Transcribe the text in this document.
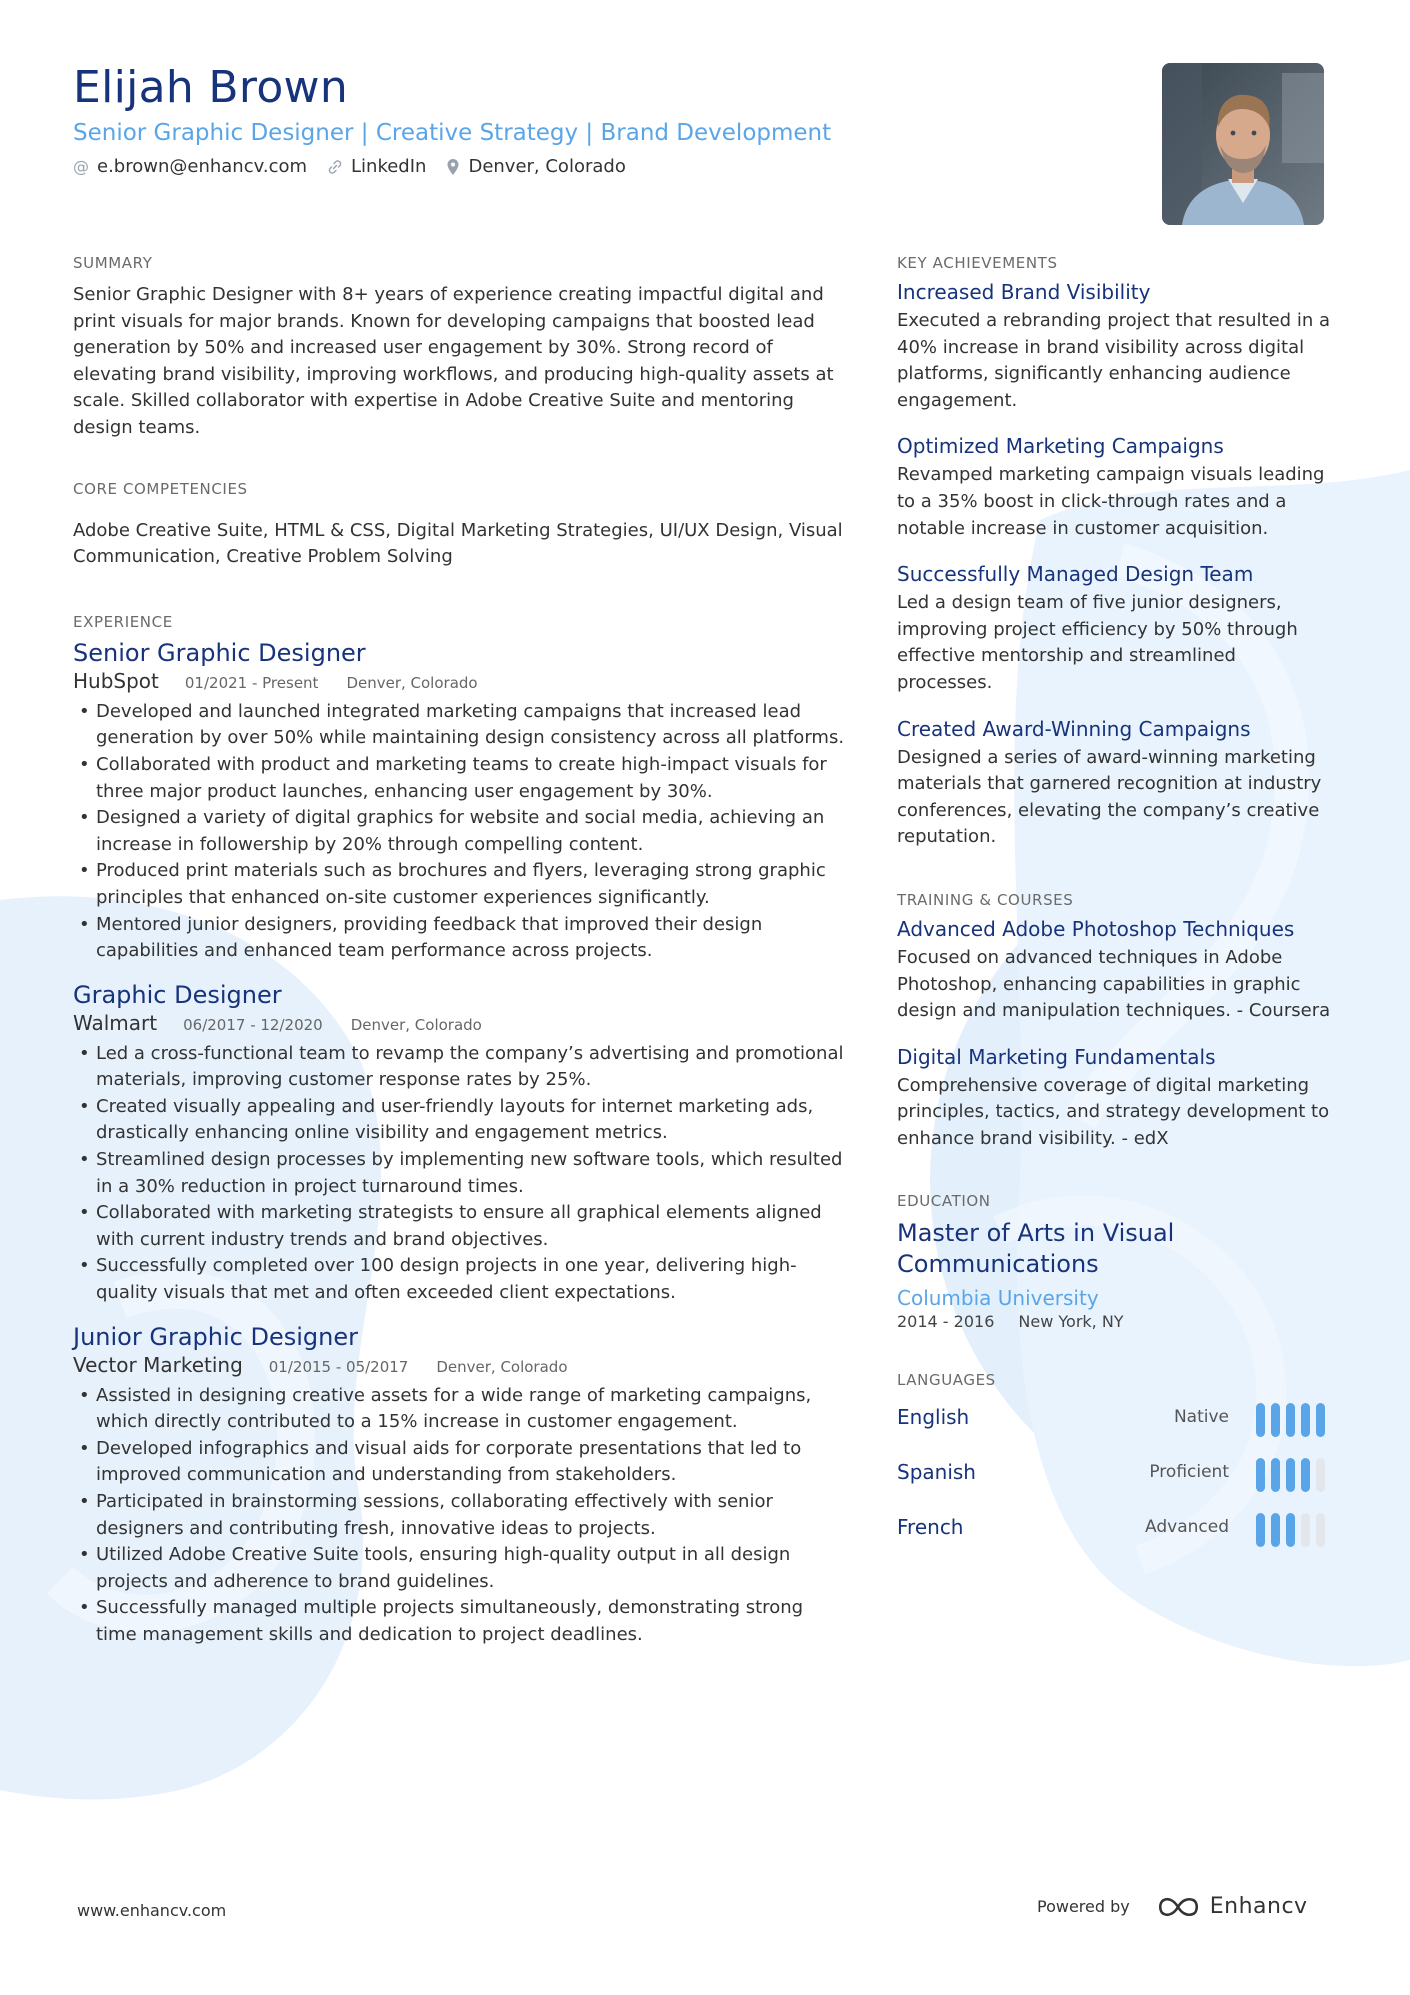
Elijah Brown
Senior Graphic Designer | Creative Strategy | Brand Development
@ e.brown@enhancv.com LinkedIn Denver, Colorado
SUMMARY

Senior Graphic Designer with 8+ years of experience creating impactful digital and print visuals for major brands. Known for developing campaigns that boosted lead generation by 50% and increased user engagement by 30%. Strong record of elevating brand visibility, improving workflows, and producing high-quality assets at scale. Skilled collaborator with expertise in Adobe Creative Suite and mentoring design teams.

CORE COMPETENCIES

Adobe Creative Suite, HTML & CSS, Digital Marketing Strategies, UI/UX Design, Visual Communication, Creative Problem Solving

EXPERIENCE
Senior Graphic Designer
HubSpot 01/2021 - Present Denver, Colorado
• Developed and launched integrated marketing campaigns that increased lead generation by over 50% while maintaining design consistency across all platforms.
• Collaborated with product and marketing teams to create high-impact visuals for three major product launches, enhancing user engagement by 30%.
• Designed a variety of digital graphics for website and social media, achieving an increase in followership by 20% through compelling content.
• Produced print materials such as brochures and flyers, leveraging strong graphic principles that enhanced on-site customer experiences significantly.
• Mentored junior designers, providing feedback that improved their design capabilities and enhanced team performance across projects.
Graphic Designer
Walmart 06/2017 - 12/2020 Denver, Colorado
• Led a cross-functional team to revamp the company’s advertising and promotional materials, improving customer response rates by 25%.
• Created visually appealing and user-friendly layouts for internet marketing ads, drastically enhancing online visibility and engagement metrics.
• Streamlined design processes by implementing new software tools, which resulted in a 30% reduction in project turnaround times.
• Collaborated with marketing strategists to ensure all graphical elements aligned with current industry trends and brand objectives.
• Successfully completed over 100 design projects in one year, delivering high-quality visuals that met and often exceeded client expectations.
Junior Graphic Designer
Vector Marketing 01/2015 - 05/2017 Denver, Colorado
• Assisted in designing creative assets for a wide range of marketing campaigns, which directly contributed to a 15% increase in customer engagement.
• Developed infographics and visual aids for corporate presentations that led to improved communication and understanding from stakeholders.
• Participated in brainstorming sessions, collaborating effectively with senior designers and contributing fresh, innovative ideas to projects.
• Utilized Adobe Creative Suite tools, ensuring high-quality output in all design projects and adherence to brand guidelines.
• Successfully managed multiple projects simultaneously, demonstrating strong time management skills and dedication to project deadlines.
KEY ACHIEVEMENTS
Increased Brand Visibility

Executed a rebranding project that resulted in a 40% increase in brand visibility across digital platforms, significantly enhancing audience engagement.

Optimized Marketing Campaigns

Revamped marketing campaign visuals leading to a 35% boost in click-through rates and a notable increase in customer acquisition.

Successfully Managed Design Team

Led a design team of five junior designers, improving project efficiency by 50% through effective mentorship and streamlined processes.

Created Award-Winning Campaigns

Designed a series of award-winning marketing materials that garnered recognition at industry conferences, elevating the company’s creative reputation.

TRAINING & COURSES
Advanced Adobe Photoshop Techniques

Focused on advanced techniques in Adobe Photoshop, enhancing capabilities in graphic design and manipulation techniques. - Coursera

Digital Marketing Fundamentals

Comprehensive coverage of digital marketing principles, tactics, and strategy development to enhance brand visibility. - edX

EDUCATION
Master of Arts in Visual Communications
Columbia University
2014 - 2016 New York, NY
LANGUAGES
English	Native
Spanish	Proficient
French	Advanced
www.enhancv.com	Powered by	Enhancv
